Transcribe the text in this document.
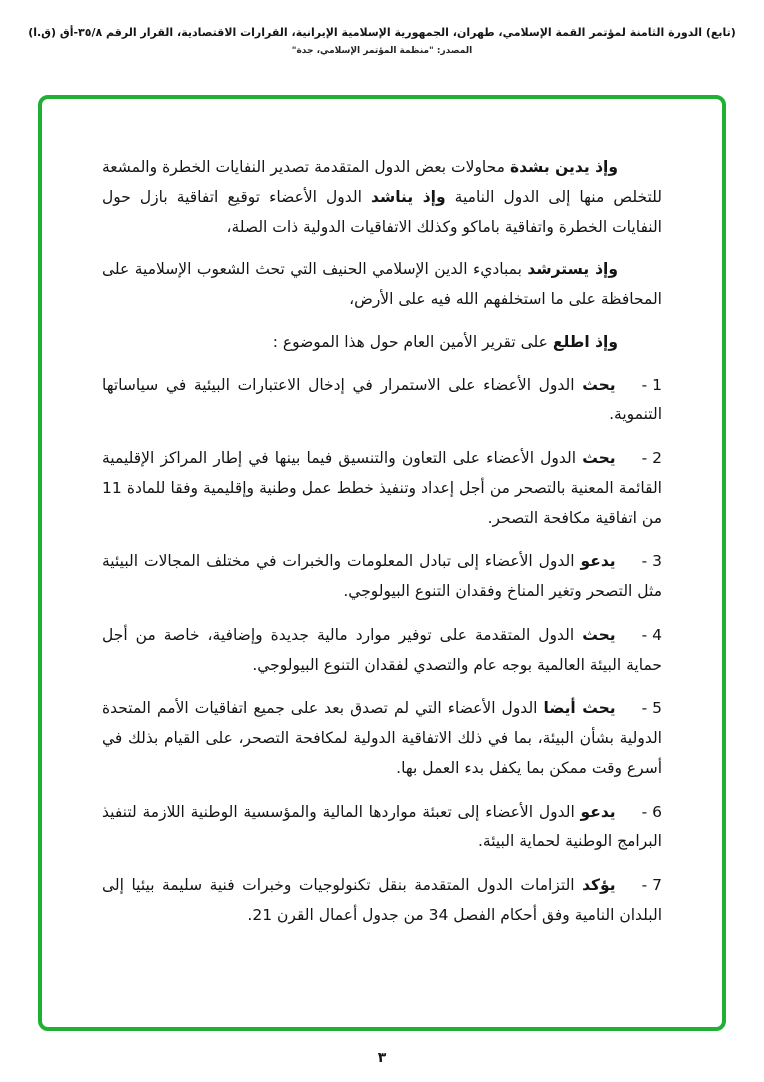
(تابع) الدورة الثامنة لمؤتمر القمة الإسلامي، طهران، الجمهورية الإسلامية الإيرانية، القرارات الاقتصادية، القرار الرقم ٣٥/٨-أق (ق.ا)
المصدر: "منظمة المؤتمر الإسلامي، جدة"

وإذ يدين بشدة محاولات بعض الدول المتقدمة تصدير النفايات الخطرة والمشعة للتخلص منها إلى الدول النامية وإذ يناشد الدول الأعضاء توقيع اتفاقية بازل حول النفايات الخطرة واتفاقية باماكو وكذلك الاتفاقيات الدولية ذات الصلة،

وإذ يسترشد بمباديء الدين الإسلامي الحنيف التي تحث الشعوب الإسلامية على المحافظة على ما استخلفهم الله فيه على الأرض،

وإذ اطلع على تقرير الأمين العام حول هذا الموضوع :

- 1يحث الدول الأعضاء على الاستمرار في إدخال الاعتبارات البيئية في سياساتها التنموية.
- 2يحث الدول الأعضاء على التعاون والتنسيق فيما بينها في إطار المراكز الإقليمية القائمة المعنية بالتصحر من أجل إعداد وتنفيذ خطط عمل وطنية وإقليمية وفقا للمادة 11 من اتفاقية مكافحة التصحر.
- 3يدعو الدول الأعضاء إلى تبادل المعلومات والخبرات في مختلف المجالات البيئية مثل التصحر وتغير المناخ وفقدان التنوع البيولوجي.
- 4يحث الدول المتقدمة على توفير موارد مالية جديدة وإضافية، خاصة من أجل حماية البيئة العالمية بوجه عام والتصدي لفقدان التنوع البيولوجي.
- 5يحث أيضا الدول الأعضاء التي لم تصدق بعد على جميع اتفاقيات الأمم المتحدة الدولية بشأن البيئة، بما في ذلك الاتفاقية الدولية لمكافحة التصحر، على القيام بذلك في أسرع وقت ممكن بما يكفل بدء العمل بها.
- 6يدعو الدول الأعضاء إلى تعبئة مواردها المالية والمؤسسية الوطنية اللازمة لتنفيذ البرامج الوطنية لحماية البيئة.
- 7يؤكد التزامات الدول المتقدمة بنقل تكنولوجيات وخبرات فنية سليمة بيئيا إلى البلدان النامية وفق أحكام الفصل 34 من جدول أعمال القرن 21.
٣
